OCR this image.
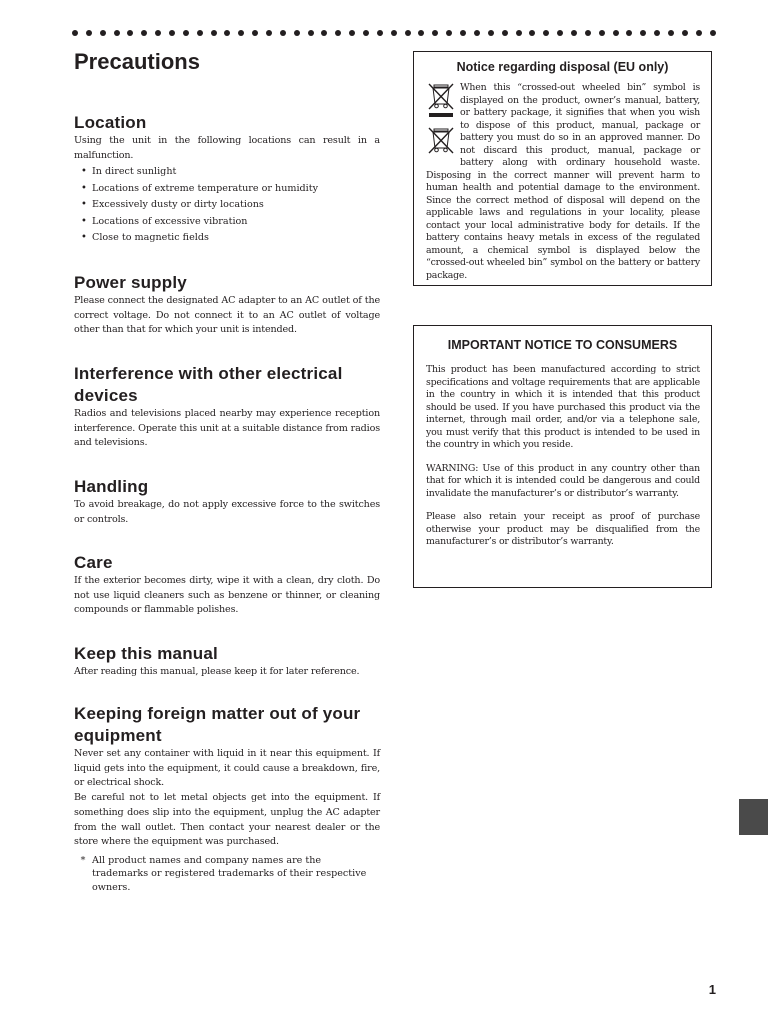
Precautions
Location

Using the unit in the following locations can result in a malfunction.

• In direct sunlight
• Locations of extreme temperature or humidity
• Excessively dusty or dirty locations
• Locations of excessive vibration
• Close to magnetic fields
Power supply

Please connect the designated AC adapter to an AC outlet of the correct voltage. Do not connect it to an AC outlet of voltage other than that for which your unit is intended.

Interference with other electrical devices

Radios and televisions placed nearby may experience reception interference. Operate this unit at a suitable distance from radios and televisions.

Handling

To avoid breakage, do not apply excessive force to the switches or controls.

Care

If the exterior becomes dirty, wipe it with a clean, dry cloth. Do not use liquid cleaners such as benzene or thinner, or cleaning compounds or flammable polishes.

Keep this manual

After reading this manual, please keep it for later reference.

Keeping foreign matter out of your equipment

Never set any container with liquid in it near this equipment. If liquid gets into the equipment, it could cause a breakdown, fire, or electrical shock.

Be careful not to let metal objects get into the equipment. If something does slip into the equipment, unplug the AC adapter from the wall outlet. Then contact your nearest dealer or the store where the equipment was purchased.

* All product names and company names are the trademarks or registered trademarks of their respective owners.
Notice regarding disposal (EU only)

When this “crossed-out wheeled bin” symbol is displayed on the product, owner’s manual, battery, or battery package, it signifies that when you wish to dispose of this product, manual, package or battery you must do so in an approved manner. Do not discard this product, manual, package or battery along with ordinary household waste. Disposing in the correct manner will prevent harm to human health and potential damage to the environment. Since the correct method of disposal will depend on the applicable laws and regulations in your locality, please contact your local administrative body for details. If the battery contains heavy metals in excess of the regulated amount, a chemical symbol is displayed below the “crossed-out wheeled bin” symbol on the battery or battery package.

IMPORTANT NOTICE TO CONSUMERS

This product has been manufactured according to strict specifications and voltage requirements that are applicable in the country in which it is intended that this product should be used. If you have purchased this product via the internet, through mail order, and/or via a telephone sale, you must verify that this product is intended to be used in the country in which you reside.

WARNING: Use of this product in any country other than that for which it is intended could be dangerous and could invalidate the manufacturer’s or distributor’s warranty.

Please also retain your receipt as proof of purchase otherwise your product may be disqualified from the manufacturer’s or distributor’s warranty.

1
